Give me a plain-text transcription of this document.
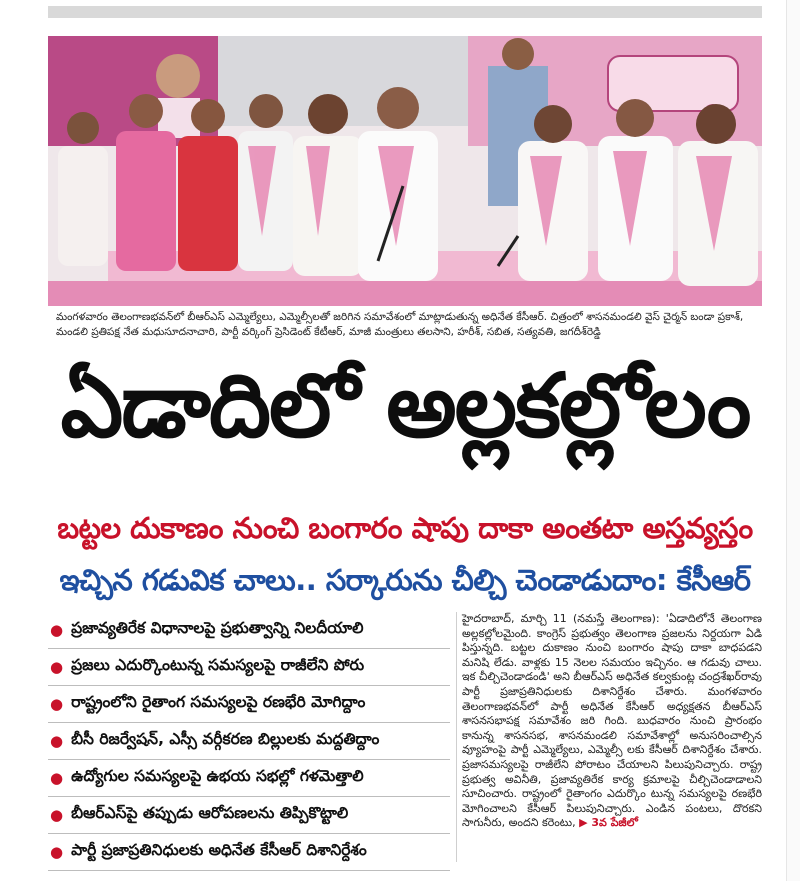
మంగళవారం తెలంగాణభవన్‌లో బీఆర్‌ఎస్‌ ఎమ్మెల్యేలు, ఎమ్మెల్సీలతో జరిగిన సమావేశంలో మాట్లాడుతున్న అధినేత కేసీఆర్‌. చిత్రంలో శాసనమండలి వైస్‌ చైర్మన్‌ బండా ప్రకాశ్‌, మండలి ప్రతిపక్ష నేత మధుసూదనాచారి, పార్టీ వర్కింగ్‌ ప్రెసిడెంట్‌ కేటీఆర్‌, మాజీ మంత్రులు తలసాని, హరీశ్‌, సబిత, సత్యవతి, జగదీశ్‌రెడ్డి
ఏడాదిలో అల్లకల్లోలం
బట్టల దుకాణం నుంచి బంగారం షాపు దాకా అంతటా అస్తవ్యస్తం
ఇచ్చిన గడువిక చాలు.. సర్కారును చీల్చి చెండాడుదాం: కేసీఆర్‌
● ప్రజావ్యతిరేక విధానాలపై ప్రభుత్వాన్ని నిలదీయాలి
● ప్రజలు ఎదుర్కొంటున్న సమస్యలపై రాజీలేని పోరు
● రాష్ట్రంలోని రైతాంగ సమస్యలపై రణభేరి మోగిద్దాం
● బీసీ రిజర్వేషన్‌, ఎస్సీ వర్గీకరణ బిల్లులకు మద్దతిద్దాం
● ఉద్యోగుల సమస్యలపై ఉభయ సభల్లో గళమెత్తాలి
● బీఆర్‌ఎస్‌పై తప్పుడు ఆరోపణలను తిప్పికొట్టాలి
● పార్టీ ప్రజాప్రతినిధులకు అధినేత కేసీఆర్‌ దిశానిర్దేశం
హైదరాబాద్‌, మార్చి 11 (నమస్తే తెలంగాణ): 'ఏడాదిలోనే తెలంగాణ అల్లకల్లోలమైంది. కాంగ్రెస్‌ ప్రభుత్వం తెలంగాణ ప్రజలను నిర్దయగా ఏడి పిస్తున్నది. బట్టల దుకాణం నుంచి బంగారం షాపు దాకా బాధపడని మనిషి లేడు. వాళ్లకు 15 నెలల సమయం ఇచ్చినం. ఆ గడువు చాలు. ఇక చీల్చిచెండాడండి' అని బీఆర్‌ఎస్‌ అధినేత కల్వకుంట్ల చంద్రశేఖర్‌రావు పార్టీ ప్రజాప్రతినిధులకు దిశానిర్దేశం చేశారు. మంగళవారం తెలంగాణభవన్‌లో పార్టీ అధినేత కేసీఆర్‌ అధ్యక్షతన బీఆర్‌ఎస్‌ శాసనసభాపక్ష సమావేశం జరి గింది. బుధవారం నుంచి ప్రారంభం కానున్న శాసనసభ, శాసనమండలి సమావేశాల్లో అనుసరించాల్సిన వ్యూహంపై పార్టీ ఎమ్మెల్యేలు, ఎమ్మెల్సీ లకు కేసీఆర్‌ దిశానిర్దేశం చేశారు. ప్రజాసమస్యలపై రాజీలేని పోరాటం చేయాలని పిలుపునిచ్చారు. రాష్ట్ర ప్రభుత్వ అవినీతి, ప్రజావ్యతిరేక కార్య క్రమాలపై చీల్చిచెండాడాలని సూచించారు. రాష్ట్రంలో రైతాంగం ఎదుర్కొం టున్న సమస్యలపై రణభేరి మోగించాలని కేసీఆర్‌ పిలుపునిచ్చారు. ఎండిన పంటలు, దొరకని సాగునీరు, అందని కరెంటు, ▶ 3వ పేజీలో
